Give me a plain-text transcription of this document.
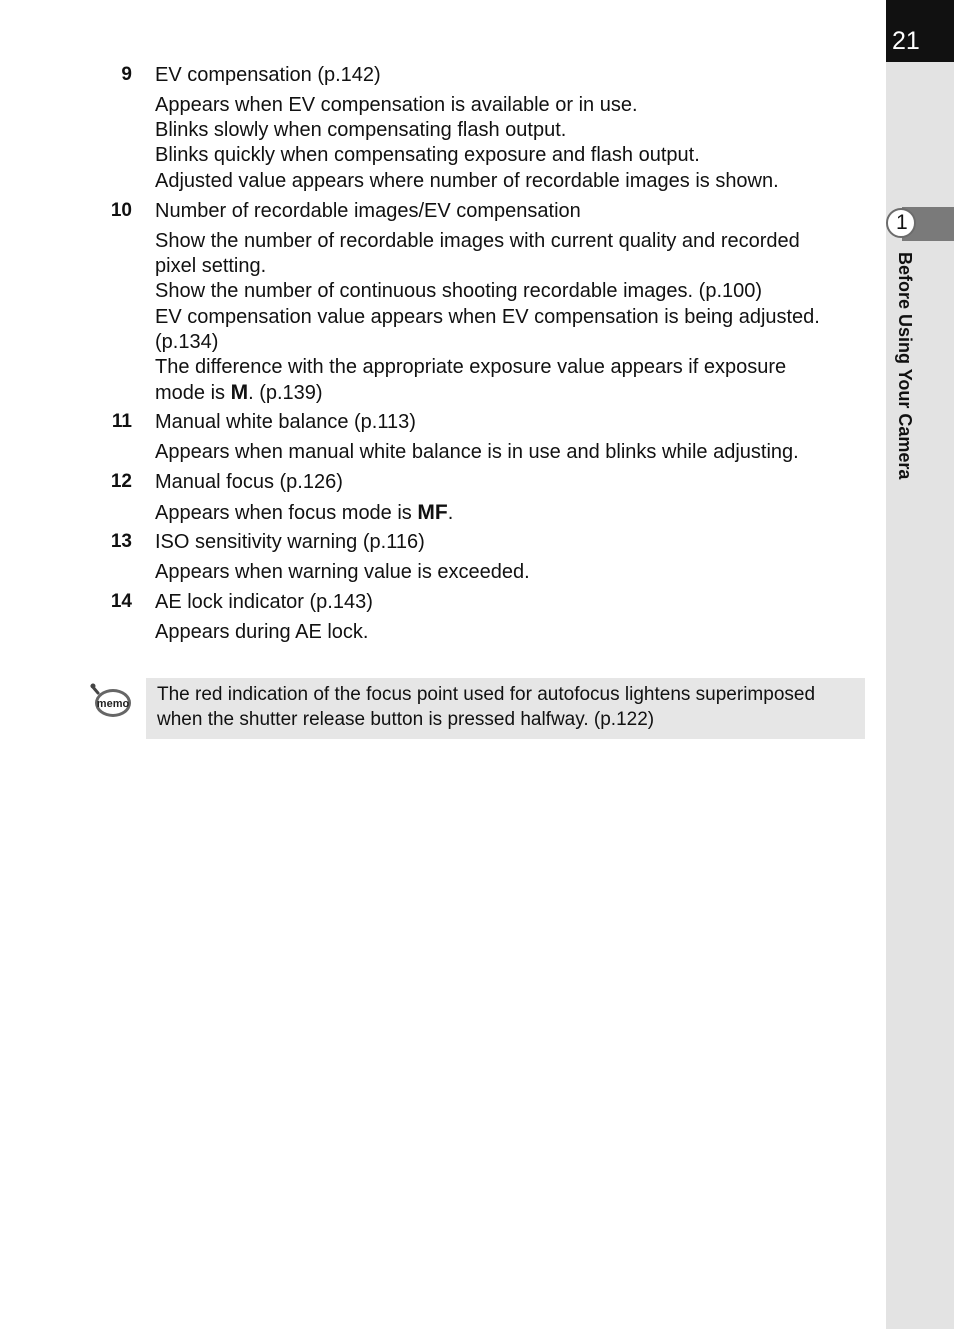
21
1
Before Using Your Camera
9 EV compensation (p.142)
Appears when EV compensation is available or in use.
Blinks slowly when compensating flash output.
Blinks quickly when compensating exposure and flash output.
Adjusted value appears where number of recordable images is shown.
10 Number of recordable images/EV compensation
Show the number of recordable images with current quality and recorded
pixel setting.
Show the number of continuous shooting recordable images. (p.100)
EV compensation value appears when EV compensation is being adjusted.
(p.134)
The difference with the appropriate exposure value appears if exposure
mode is M. (p.139)
11 Manual white balance (p.113)
Appears when manual white balance is in use and blinks while adjusting.
12 Manual focus (p.126)
Appears when focus mode is MF.
13 ISO sensitivity warning (p.116)
Appears when warning value is exceeded.
14 AE lock indicator (p.143)
Appears during AE lock.
memo The red indication of the focus point used for autofocus lightens superimposed
when the shutter release button is pressed halfway. (p.122)
